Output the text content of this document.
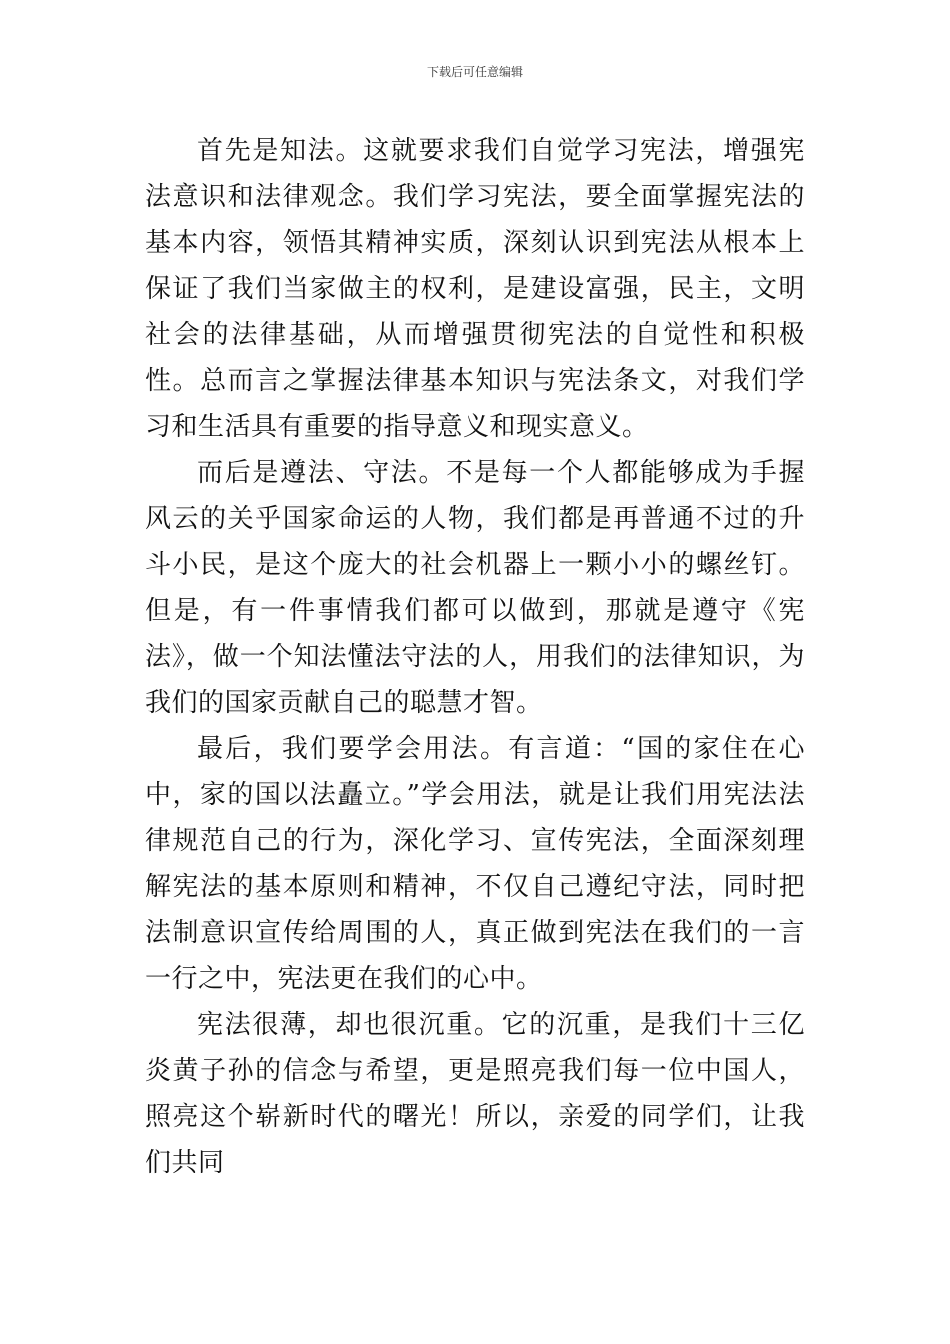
下载后可任意编辑

首先是知法。这就要求我们自觉学习宪法，增强宪法意识和法律观念。我们学习宪法，要全面掌握宪法的基本内容，领悟其精神实质，深刻认识到宪法从根本上保证了我们当家做主的权利，是建设富强，民主，文明社会的法律基础，从而增强贯彻宪法的自觉性和积极性。总而言之掌握法律基本知识与宪法条文，对我们学习和生活具有重要的指导意义和现实意义。

而后是遵法、守法。不是每一个人都能够成为手握风云的关乎国家命运的人物，我们都是再普通不过的升斗小民，是这个庞大的社会机器上一颗小小的螺丝钉。但是，有一件事情我们都可以做到，那就是遵守《宪法》，做一个知法懂法守法的人，用我们的法律知识，为我们的国家贡献自己的聪慧才智。

最后，我们要学会用法。有言道：“国的家住在心中，家的国以法矗立。”学会用法，就是让我们用宪法法律规范自己的行为，深化学习、宣传宪法，全面深刻理解宪法的基本原则和精神，不仅自己遵纪守法，同时把法制意识宣传给周围的人，真正做到宪法在我们的一言一行之中，宪法更在我们的心中。

宪法很薄，却也很沉重。它的沉重，是我们十三亿炎黄子孙的信念与希望，更是照亮我们每一位中国人，照亮这个崭新时代的曙光！所以，亲爱的同学们，让我们共同
